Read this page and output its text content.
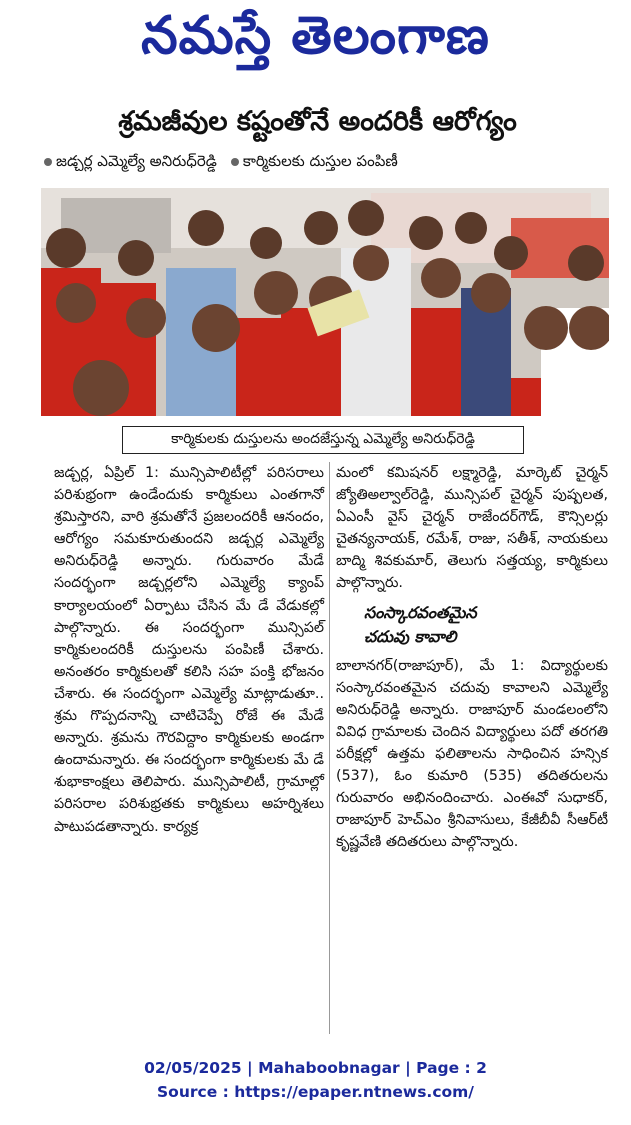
నమస్తే తెలంగాణ
శ్రమజీవుల కష్టంతోనే అందరికీ ఆరోగ్యం
జడ్చర్ల ఎమ్మెల్యే అనిరుధ్‌రెడ్డి	కార్మికులకు దుస్తుల పంపిణీ
కార్మికులకు దుస్తులను అందజేస్తున్న ఎమ్మెల్యే అనిరుధ్‌రెడ్డి

జడ్చర్ల, ఏప్రిల్ 1: మున్సిపాలిటీల్లో పరిసరాలు పరిశుభ్రంగా ఉండేందుకు కార్మికులు ఎంతగానో శ్రమిస్తారని, వారి శ్రమతోనే ప్రజలందరికీ ఆనందం, ఆరోగ్యం సమకూరుతుందని జడ్చర్ల ఎమ్మెల్యే అనిరుధ్‌రెడ్డి అన్నారు. గురువారం మేడే సందర్భంగా జడ్చర్లలోని ఎమ్మెల్యే క్యాంప్ కార్యాలయంలో ఏర్పాటు చేసిన మే డే వేడుకల్లో పాల్గొన్నారు. ఈ సందర్భంగా మున్సిపల్ కార్మికులందరికీ దుస్తులను పంపిణీ చేశారు. అనంతరం కార్మికులతో కలిసి సహ పంక్తి భోజనం చేశారు. ఈ సందర్భంగా ఎమ్మెల్యే మాట్లాడుతూ.. శ్రమ గొప్పదనాన్ని చాటిచెప్పే రోజే ఈ మేడే అన్నారు. శ్రమను గౌరవిద్దాం కార్మికులకు అండగా ఉందామన్నారు. ఈ సందర్భంగా కార్మికులకు మే డే శుభాకాంక్షలు తెలిపారు. మున్సిపాలిటీ, గ్రామాల్లో పరిసరాల పరిశుభ్రతకు కార్మికులు అహర్నిశలు పాటుపడతాన్నారు. కార్యక్ర

మంలో కమిషనర్ లక్ష్మారెడ్డి, మార్కెట్ చైర్మన్ జ్యోతిఅల్వాల్‌రెడ్డి, మున్సిపల్ చైర్మన్ పుష్పలత, ఏఎంసీ వైస్ చైర్మన్ రాజేందర్‌గౌడ్, కౌన్సిలర్లు చైతన్యనాయక్, రమేశ్, రాజు, సతీశ్, నాయకులు బాద్మి శివకుమార్, తెలుగు సత్తయ్య, కార్మికులు పాల్గొన్నారు.

సంస్కారవంతమైన
చదువు కావాలి

బాలానగర్(రాజాపూర్), మే 1: విద్యార్థులకు సంస్కారవంతమైన చదువు కావాలని ఎమ్మెల్యే అనిరుధ్‌రెడ్డి అన్నారు. రాజాపూర్ మండలంలోని వివిధ గ్రామాలకు చెందిన విద్యార్థులు పదో తరగతి పరీక్షల్లో ఉత్తమ ఫలితాలను సాధించిన హన్సిక (537), ఓం కుమారి (535) తదితరులను గురువారం అభినందించారు. ఎంఈవో సుధాకర్, రాజాపూర్ హెచ్ఎం శ్రీనివాసులు, కేజీబీవీ సీఆర్‌టీ కృష్ణవేణి తదితరులు పాల్గొన్నారు.

02/05/2025 | Mahaboobnagar | Page : 2
Source : https://epaper.ntnews.com/
